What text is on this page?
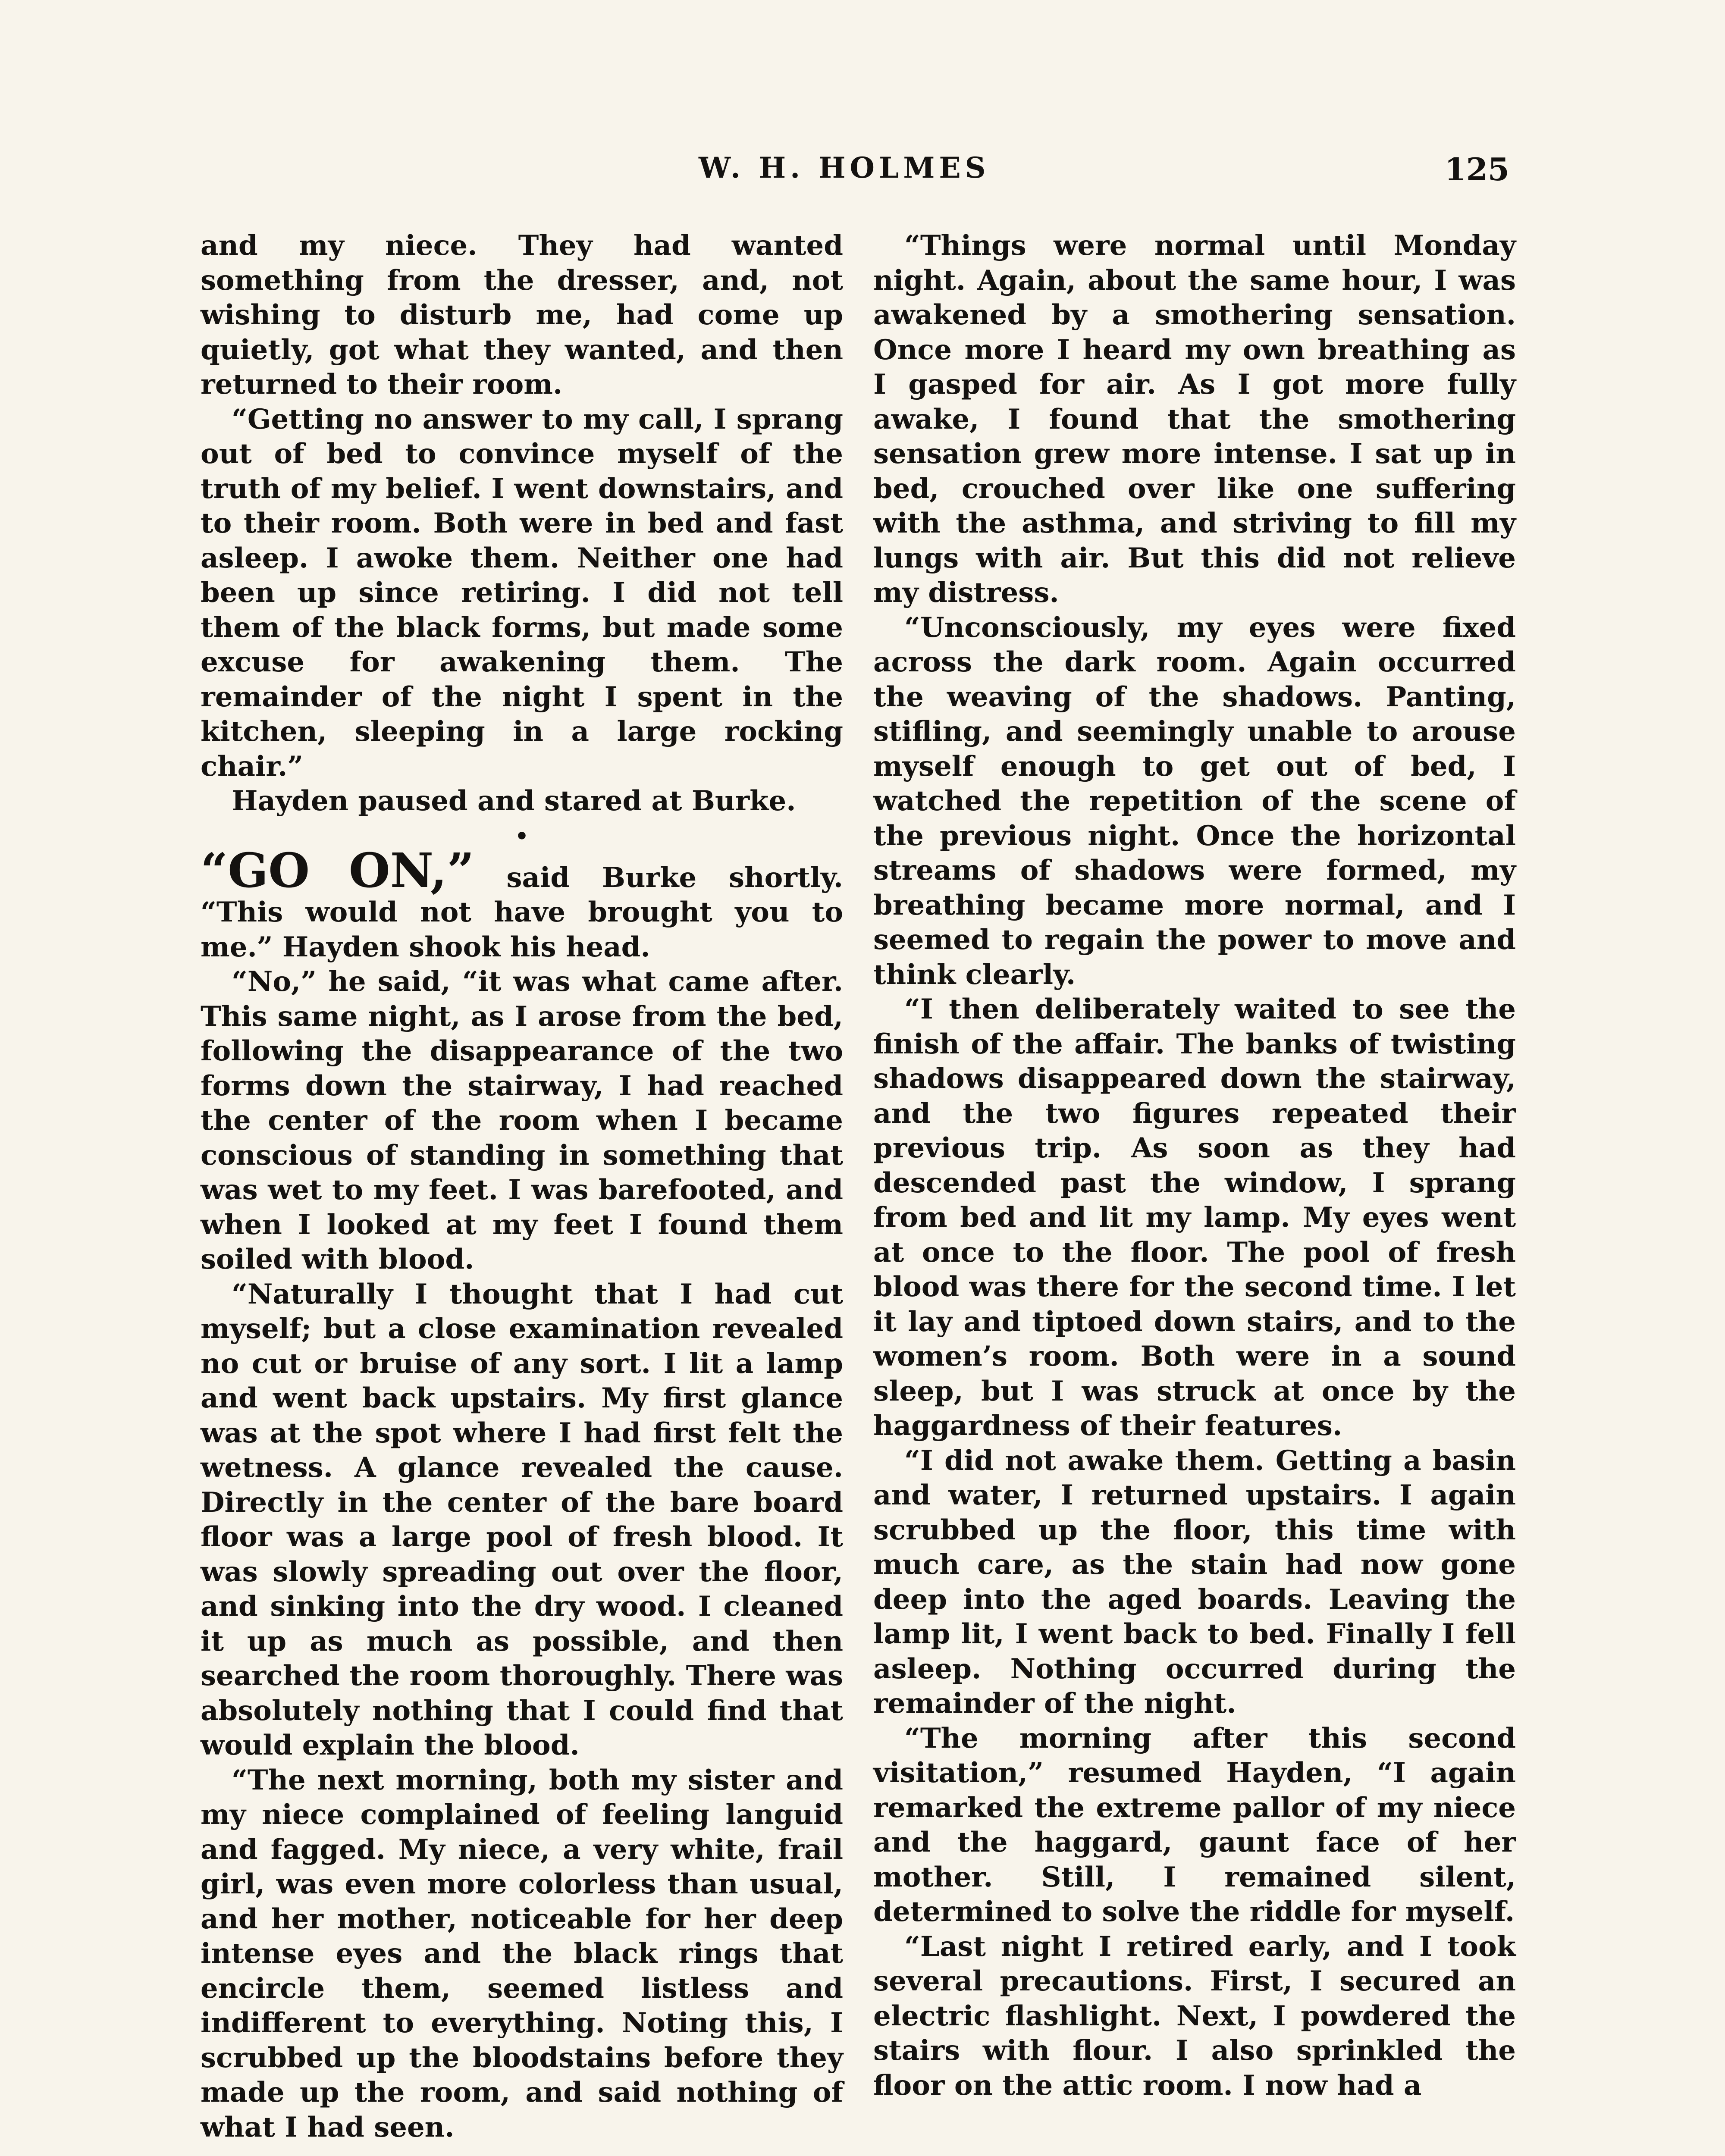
W. H. HOLMES	125

and my niece. They had wanted something from the dresser, and, not wishing to disturb me, had come up quietly, got what they wanted, and then returned to their room.

“Getting no answer to my call, I sprang out of bed to convince myself of the truth of my belief. I went downstairs, and to their room. Both were in bed and fast asleep. I awoke them. Neither one had been up since retiring. I did not tell them of the black forms, but made some excuse for awakening them. The remainder of the night I spent in the kitchen, sleeping in a large rocking chair.”

Hayden paused and stared at Burke.

•

“GO ON,” said Burke shortly. “This would not have brought you to me.” Hayden shook his head.

“No,” he said, “it was what came after. This same night, as I arose from the bed, following the disappearance of the two forms down the stairway, I had reached the center of the room when I became conscious of standing in something that was wet to my feet. I was barefooted, and when I looked at my feet I found them soiled with blood.

“Naturally I thought that I had cut myself; but a close examination revealed no cut or bruise of any sort. I lit a lamp and went back upstairs. My first glance was at the spot where I had first felt the wetness. A glance revealed the cause. Directly in the center of the bare board floor was a large pool of fresh blood. It was slowly spreading out over the floor, and sinking into the dry wood. I cleaned it up as much as possible, and then searched the room thoroughly. There was absolutely nothing that I could find that would explain the blood.

“The next morning, both my sister and my niece complained of feeling languid and fagged. My niece, a very white, frail girl, was even more colorless than usual, and her mother, noticeable for her deep intense eyes and the black rings that encircle them, seemed listless and indifferent to everything. Noting this, I scrubbed up the bloodstains before they made up the room, and said nothing of what I had seen.

“Things were normal until Monday night. Again, about the same hour, I was awakened by a smothering sensation. Once more I heard my own breathing as I gasped for air. As I got more fully awake, I found that the smothering sensation grew more intense. I sat up in bed, crouched over like one suffering with the asthma, and striving to fill my lungs with air. But this did not relieve my distress.

“Unconsciously, my eyes were fixed across the dark room. Again occurred the weaving of the shadows. Panting, stifling, and seemingly unable to arouse myself enough to get out of bed, I watched the repetition of the scene of the previous night. Once the horizontal streams of shadows were formed, my breathing became more normal, and I seemed to regain the power to move and think clearly.

“I then deliberately waited to see the finish of the affair. The banks of twisting shadows disappeared down the stairway, and the two figures repeated their previous trip. As soon as they had descended past the window, I sprang from bed and lit my lamp. My eyes went at once to the floor. The pool of fresh blood was there for the second time. I let it lay and tiptoed down stairs, and to the women’s room. Both were in a sound sleep, but I was struck at once by the haggardness of their features.

“I did not awake them. Getting a basin and water, I returned upstairs. I again scrubbed up the floor, this time with much care, as the stain had now gone deep into the aged boards. Leaving the lamp lit, I went back to bed. Finally I fell asleep. Nothing occurred during the remainder of the night.

“The morning after this second visitation,” resumed Hayden, “I again remarked the extreme pallor of my niece and the haggard, gaunt face of her mother. Still, I remained silent, determined to solve the riddle for myself.

“Last night I retired early, and I took several precautions. First, I secured an electric flashlight. Next, I powdered the stairs with flour. I also sprinkled the floor on the attic room. I now had a
